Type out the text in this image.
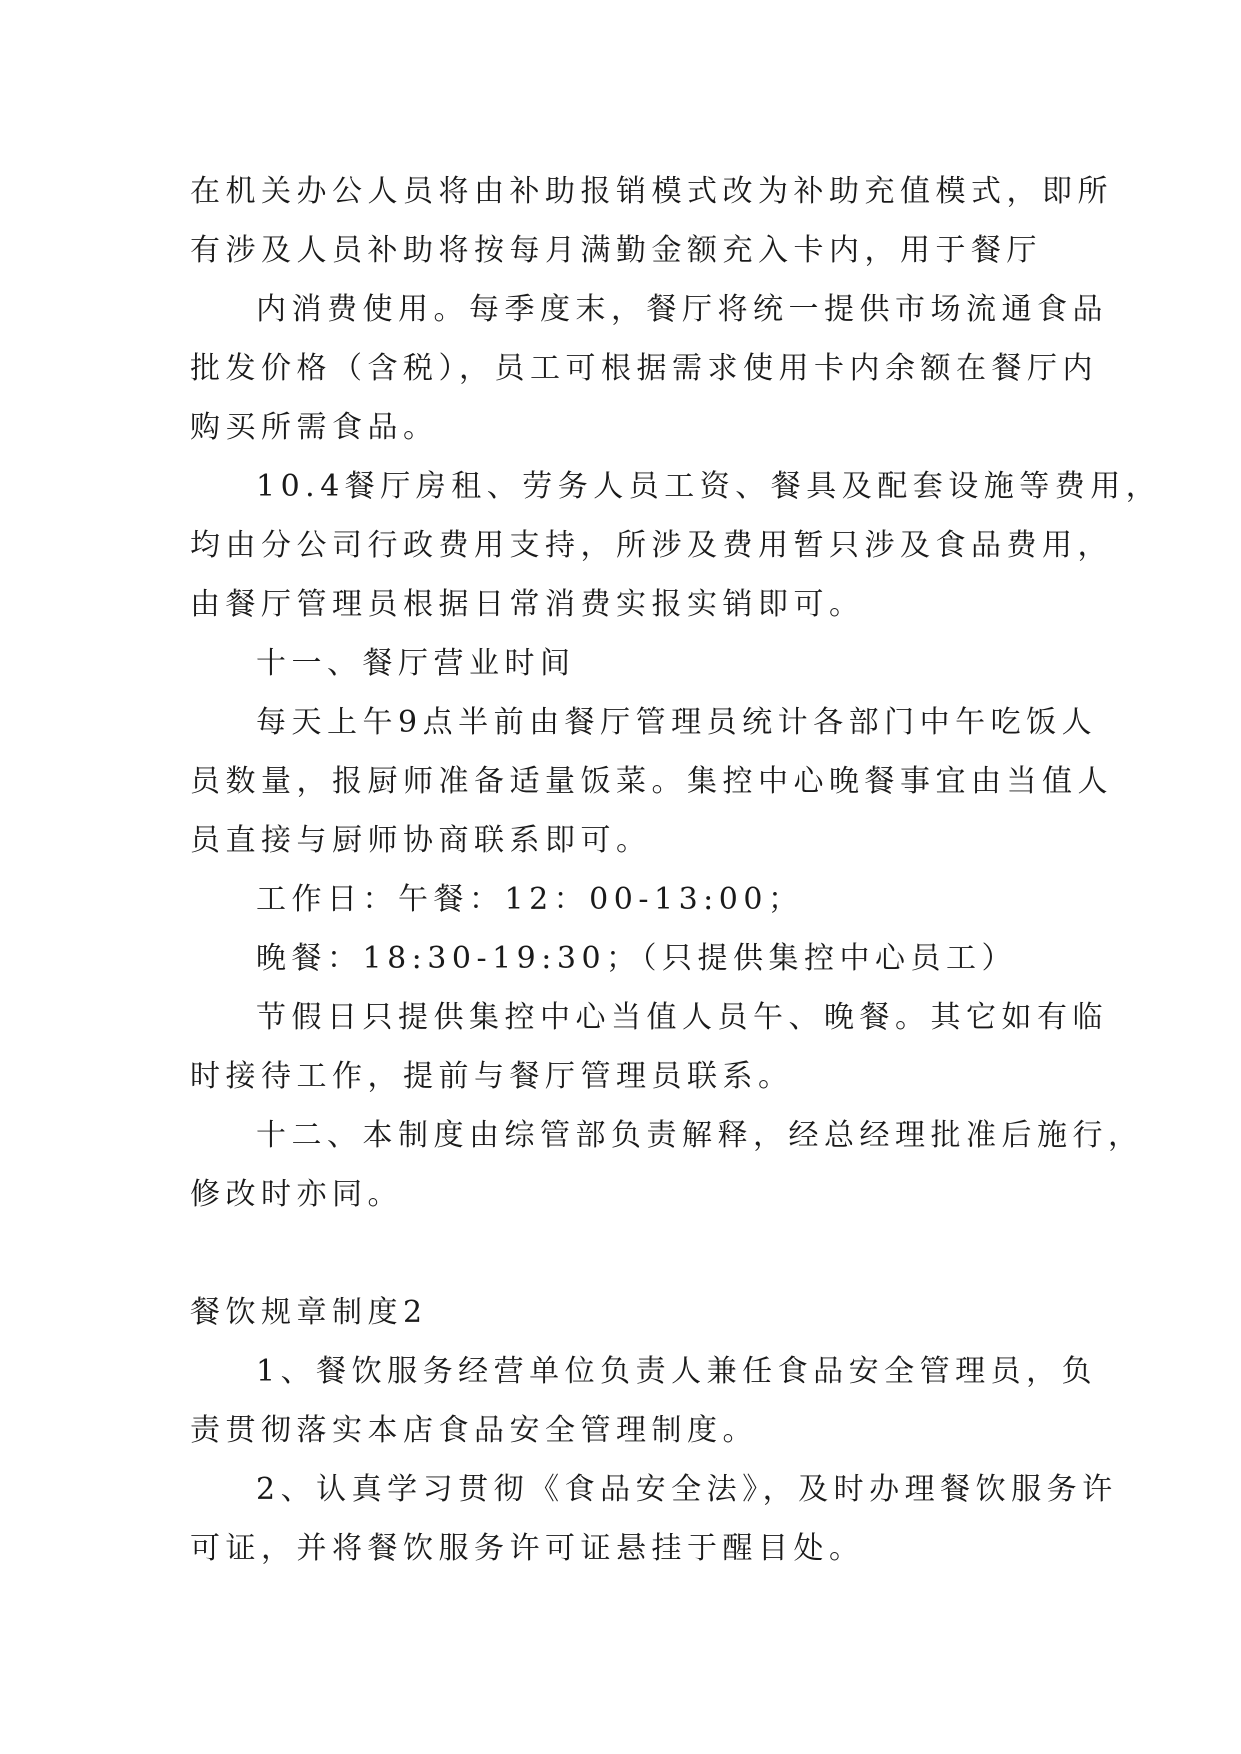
在机关办公人员将由补助报销模式改为补助充值模式，即所

有涉及人员补助将按每月满勤金额充入卡内，用于餐厅

内消费使用。每季度末，餐厅将统一提供市场流通食品

批发价格（含税），员工可根据需求使用卡内余额在餐厅内

购买所需食品。

10.4餐厅房租、劳务人员工资、餐具及配套设施等费用，

均由分公司行政费用支持，所涉及费用暂只涉及食品费用，

由餐厅管理员根据日常消费实报实销即可。

十一、餐厅营业时间

每天上午9点半前由餐厅管理员统计各部门中午吃饭人

员数量，报厨师准备适量饭菜。集控中心晚餐事宜由当值人

员直接与厨师协商联系即可。

工作日：午餐：12：00-13:00；

晚餐：18:30-19:30；（只提供集控中心员工）

节假日只提供集控中心当值人员午、晚餐。其它如有临

时接待工作，提前与餐厅管理员联系。

十二、本制度由综管部负责解释，经总经理批准后施行，

修改时亦同。

餐饮规章制度2

1、餐饮服务经营单位负责人兼任食品安全管理员，负

责贯彻落实本店食品安全管理制度。

2、认真学习贯彻《食品安全法》，及时办理餐饮服务许

可证，并将餐饮服务许可证悬挂于醒目处。
